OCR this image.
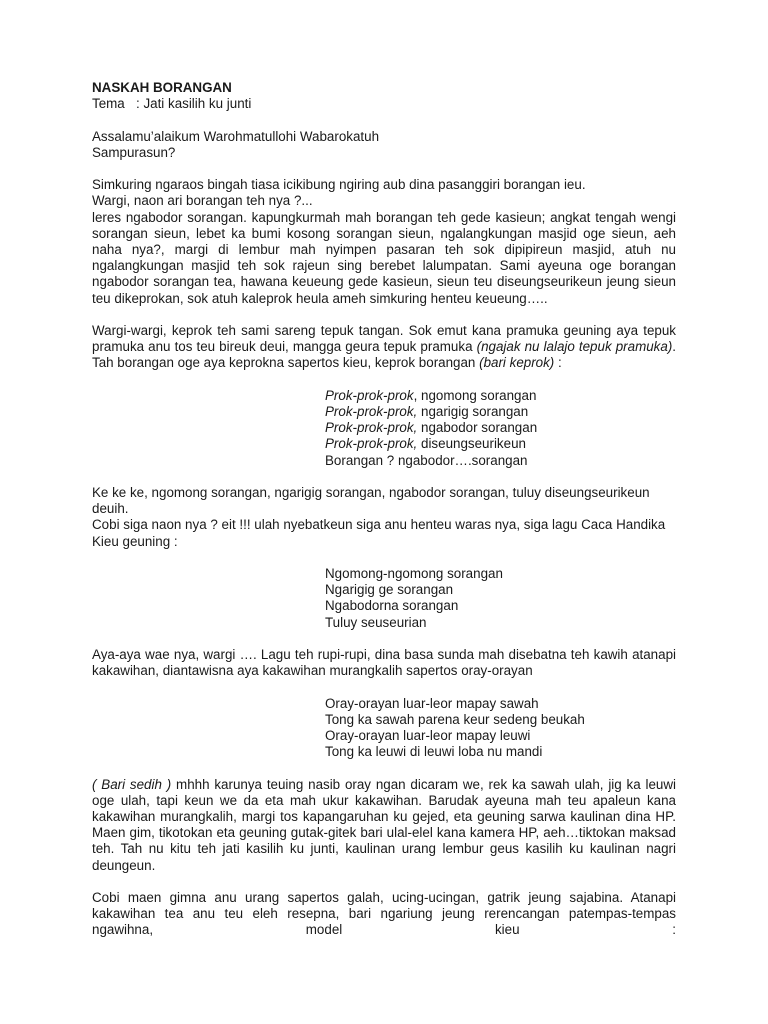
NASKAH BORANGAN
Tema : Jati kasilih ku junti
Assalamu’alaikum Warohmatullohi Wabarokatuh
Sampurasun?
Simkuring ngaraos bingah tiasa icikibung ngiring aub dina pasanggiri borangan ieu.
Wargi, naon ari borangan teh nya ?...
leres ngabodor sorangan. kapungkurmah mah borangan teh gede kasieun; angkat tengah wengi sorangan sieun, lebet ka bumi kosong sorangan sieun, ngalangkungan masjid oge sieun, aeh naha nya?, margi di lembur mah nyimpen pasaran teh sok dipipireun masjid, atuh nu ngalangkungan masjid teh sok rajeun sing berebet lalumpatan. Sami ayeuna oge borangan ngabodor sorangan tea, hawana keueung gede kasieun, sieun teu diseungseurikeun jeung sieun teu dikeprokan, sok atuh kaleprok heula ameh simkuring henteu keueung…..
Wargi-wargi, keprok teh sami sareng tepuk tangan. Sok emut kana pramuka geuning aya tepuk pramuka anu tos teu bireuk deui, mangga geura tepuk pramuka (ngajak nu lalajo tepuk pramuka). Tah borangan oge aya keprokna sapertos kieu, keprok borangan (bari keprok) :
Prok-prok-prok, ngomong sorangan
Prok-prok-prok, ngarigig sorangan
Prok-prok-prok, ngabodor sorangan
Prok-prok-prok, diseungseurikeun
Borangan ? ngabodor….sorangan
Ke ke ke, ngomong sorangan, ngarigig sorangan, ngabodor sorangan, tuluy diseungseurikeun deuih.
Cobi siga naon nya ? eit !!! ulah nyebatkeun siga anu henteu waras nya, siga lagu Caca Handika
Kieu geuning :
Ngomong-ngomong sorangan
Ngarigig ge sorangan
Ngabodorna sorangan
Tuluy seuseurian
Aya-aya wae nya, wargi …. Lagu teh rupi-rupi, dina basa sunda mah disebatna teh kawih atanapi kakawihan, diantawisna aya kakawihan murangkalih sapertos oray-orayan
Oray-orayan luar-leor mapay sawah
Tong ka sawah parena keur sedeng beukah
Oray-orayan luar-leor mapay leuwi
Tong ka leuwi di leuwi loba nu mandi
( Bari sedih ) mhhh karunya teuing nasib oray ngan dicaram we, rek ka sawah ulah, jig ka leuwi oge ulah, tapi keun we da eta mah ukur kakawihan. Barudak ayeuna mah teu apaleun kana kakawihan murangkalih, margi tos kapangaruhan ku gejed, eta geuning sarwa kaulinan dina HP. Maen gim, tikotokan eta geuning gutak-gitek bari ulal-elel kana kamera HP, aeh…tiktokan maksad teh. Tah nu kitu teh jati kasilih ku junti, kaulinan urang lembur geus kasilih ku kaulinan nagri deungeun.
Cobi maen gimna anu urang sapertos galah, ucing-ucingan, gatrik jeung sajabina. Atanapi kakawihan tea anu teu eleh resepna, bari ngariung jeung rerencangan patempas-tempas ngawihna, model kieu :
